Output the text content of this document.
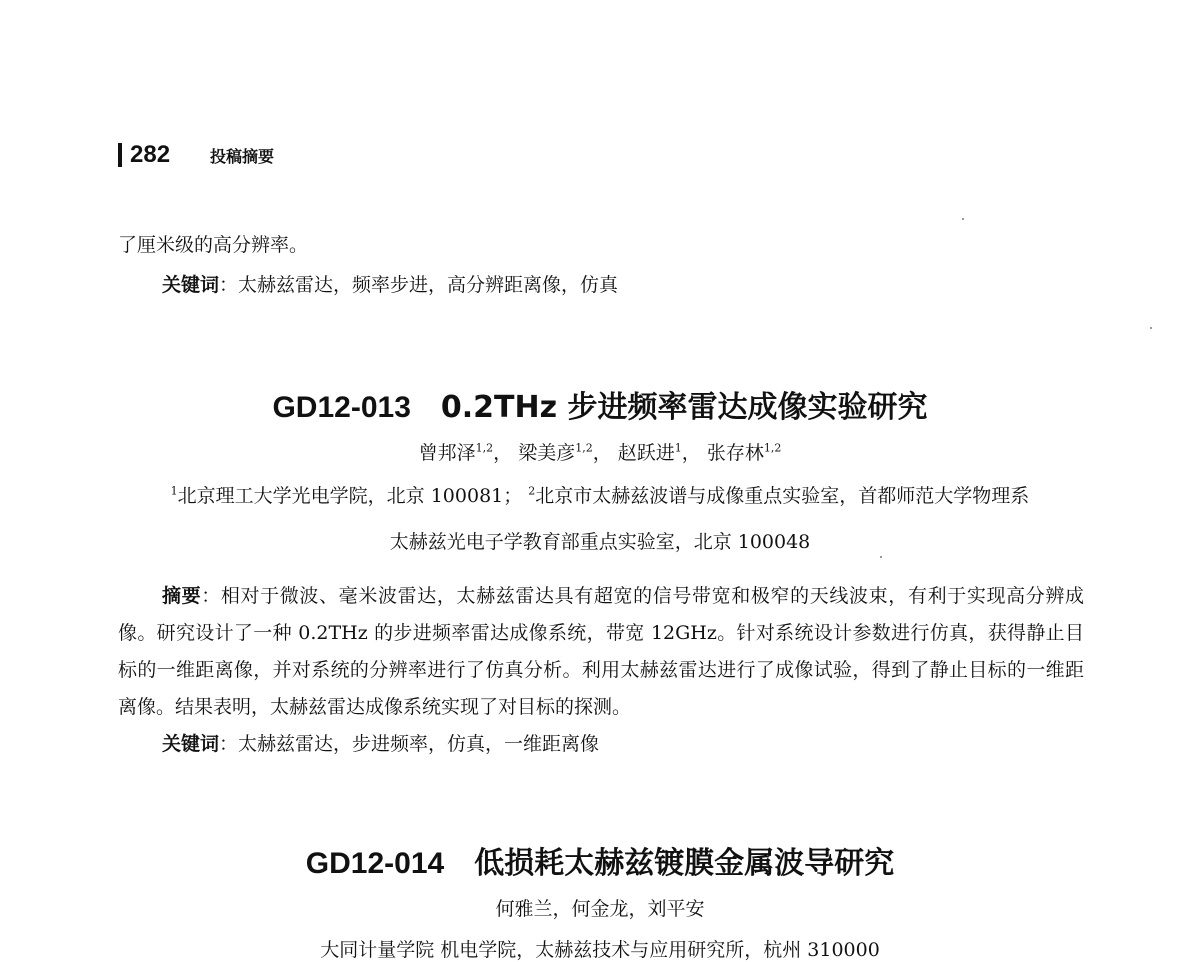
282	投稿摘要

了厘米级的高分辨率。

关键词：太赫兹雷达，频率步进，高分辨距离像，仿真

GD12-013 0.2THz 步进频率雷达成像实验研究

曾邦泽$^{1,2}$， 梁美彦$^{1,2}$， 赵跃进$^1$， 张存林$^{1,2}$

$^1$北京理工大学光电学院，北京 100081； $^2$北京市太赫兹波谱与成像重点实验室，首都师范大学物理系

太赫兹光电子学教育部重点实验室，北京 100048

摘要：相对于微波、毫米波雷达，太赫兹雷达具有超宽的信号带宽和极窄的天线波束，有利于实现高分辨成像。研究设计了一种 0.2THz 的步进频率雷达成像系统，带宽 12GHz。针对系统设计参数进行仿真，获得静止目标的一维距离像，并对系统的分辨率进行了仿真分析。利用太赫兹雷达进行了成像试验，得到了静止目标的一维距离像。结果表明，太赫兹雷达成像系统实现了对目标的探测。

关键词：太赫兹雷达，步进频率，仿真，一维距离像

GD12-014 低损耗太赫兹镀膜金属波导研究

何雅兰，何金龙，刘平安

大同计量学院 机电学院，太赫兹技术与应用研究所，杭州 310000
